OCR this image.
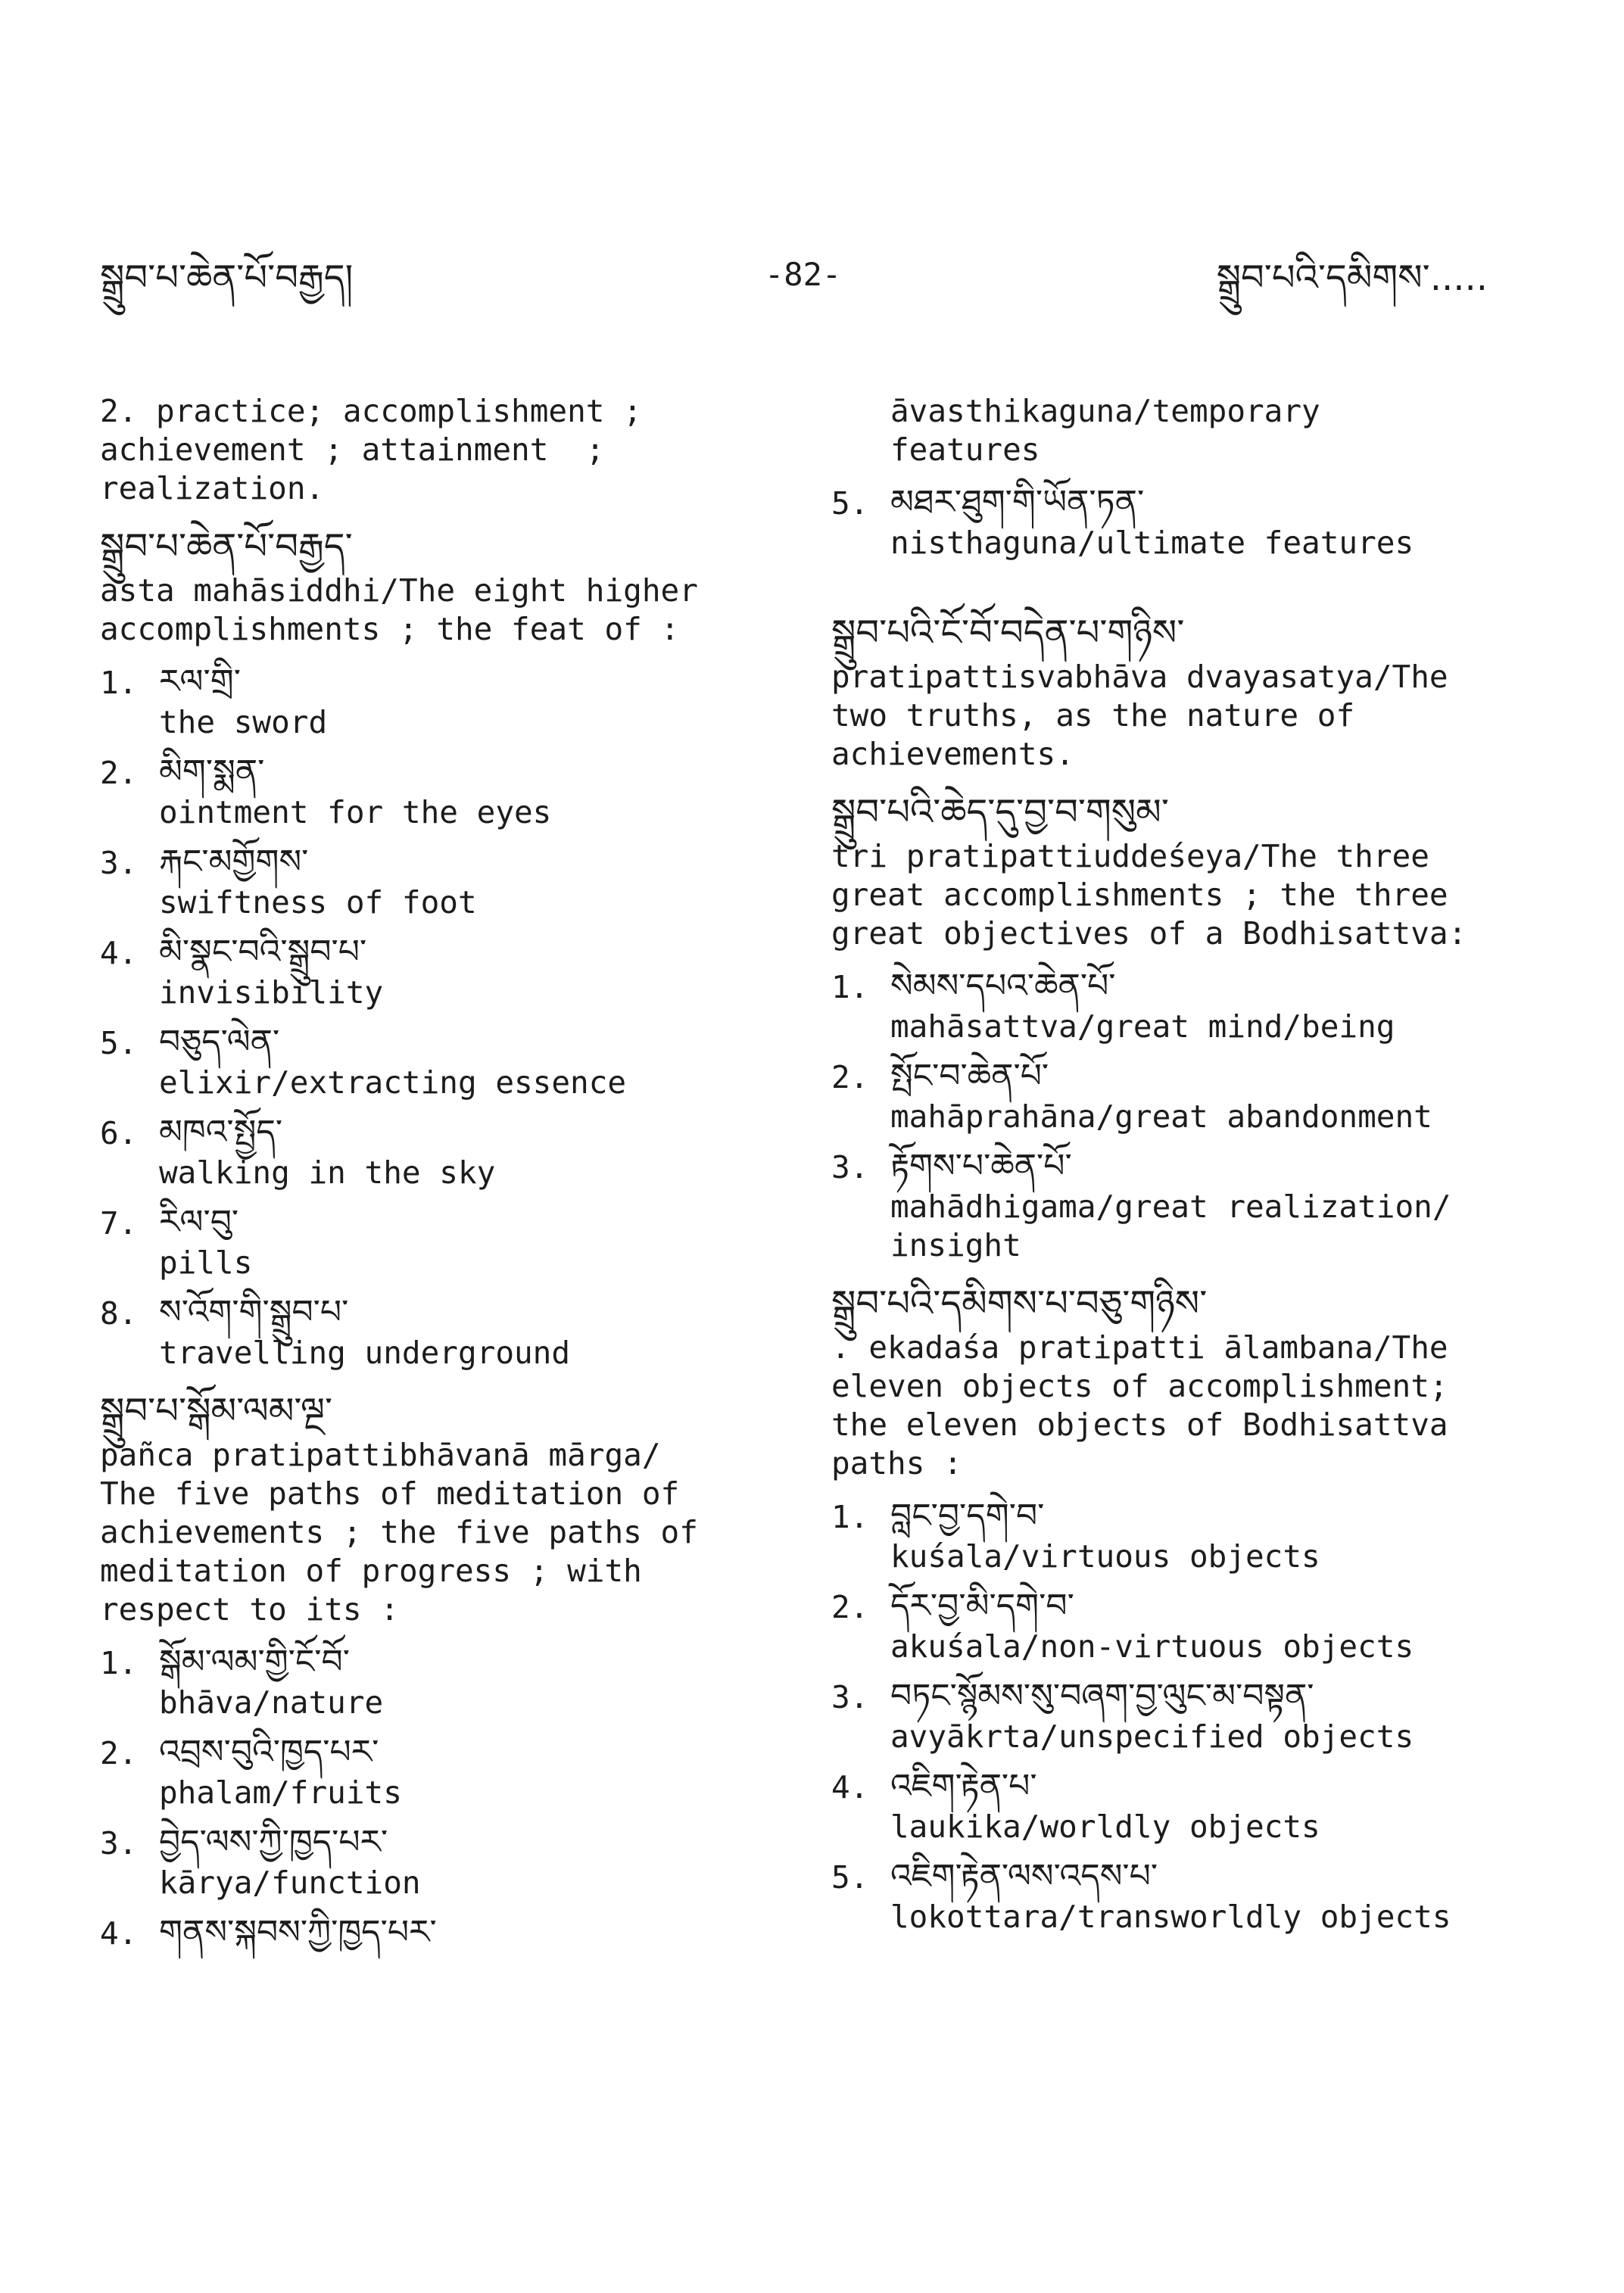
སྒྲུབ་པ་ཆེན་པོ་བརྒྱད།	-82-	སྒྲུབ་པའི་དམིགས་.....
2. practice; accomplishment ;
achievement ; attainment  ;
realization.
སྒྲུབ་པ་ཆེན་པོ་བརྒྱད་
asta mahāsiddhi/The eight higher
accomplishments ; the feat of :
1. རལ་གྲི་
the sword
2. མིག་སྨན་
ointment for the eyes
3. རྐང་མགྱོགས་
swiftness of foot
4. མི་སྣང་བའི་སྒྲུབ་པ་
invisibility
5. བཅུད་ལེན་
elixir/extracting essence
6. མཁའ་སྤྱོད་
walking in the sky
7. རིལ་བུ་
pills
8. ས་འོག་གི་སྒྲུབ་པ་
travelling underground
སྒྲུབ་པ་སྒོམ་ལམ་ལྔ་
pañca pratipattibhāvanā mārga/
The five paths of meditation of
achievements ; the five paths of
meditation of progress ; with
respect to its :
1. སྒོམ་ལམ་གྱི་ངོ་བོ་
bhāva/nature
2. འབྲས་བུའི་ཁྱད་པར་
phalam/fruits
3. བྱེད་ལས་ཀྱི་ཁྱད་པར་
kārya/function
4. གནས་སྐབས་ཀྱི་ཁྱད་པར་
āvasthikaguna/temporary
features
5. མཐར་ཐུག་གི་ཡོན་ཏན་
nisthaguna/ultimate features
སྒྲུབ་པའི་ངོ་བོ་བདེན་པ་གཉིས་
pratipattisvabhāva dvayasatya/The
two truths, as the nature of
achievements.
སྒྲུབ་པའི་ཆེད་དུ་བྱ་བ་གསུམ་
tri pratipattiuddeśeya/The three
great accomplishments ; the three
great objectives of a Bodhisattva:
1. སེམས་དཔའ་ཆེན་པོ་
mahāsattva/great mind/being
2. སྤོང་བ་ཆེན་པོ་
mahāprahāna/great abandonment
3. རྟོགས་པ་ཆེན་པོ་
mahādhigama/great realization/
insight
སྒྲུབ་པའི་དམིགས་པ་བཅུ་གཉིས་
. ekadaśa pratipatti ālambana/The
eleven objects of accomplishment;
the eleven objects of Bodhisattva
paths :
1. བླང་བྱ་དགེ་བ་
kuśala/virtuous objects
2. དོར་བྱ་མི་དགེ་བ་
akuśala/non-virtuous objects
3. བཏང་སྙོམས་སུ་བཞག་བྱ་ལུང་མ་བསྟན་
avyākrta/unspecified objects
4. འཇིག་རྟེན་པ་
laukika/worldly objects
5. འཇིག་རྟེན་ལས་འདས་པ་
lokottara/transworldly objects
